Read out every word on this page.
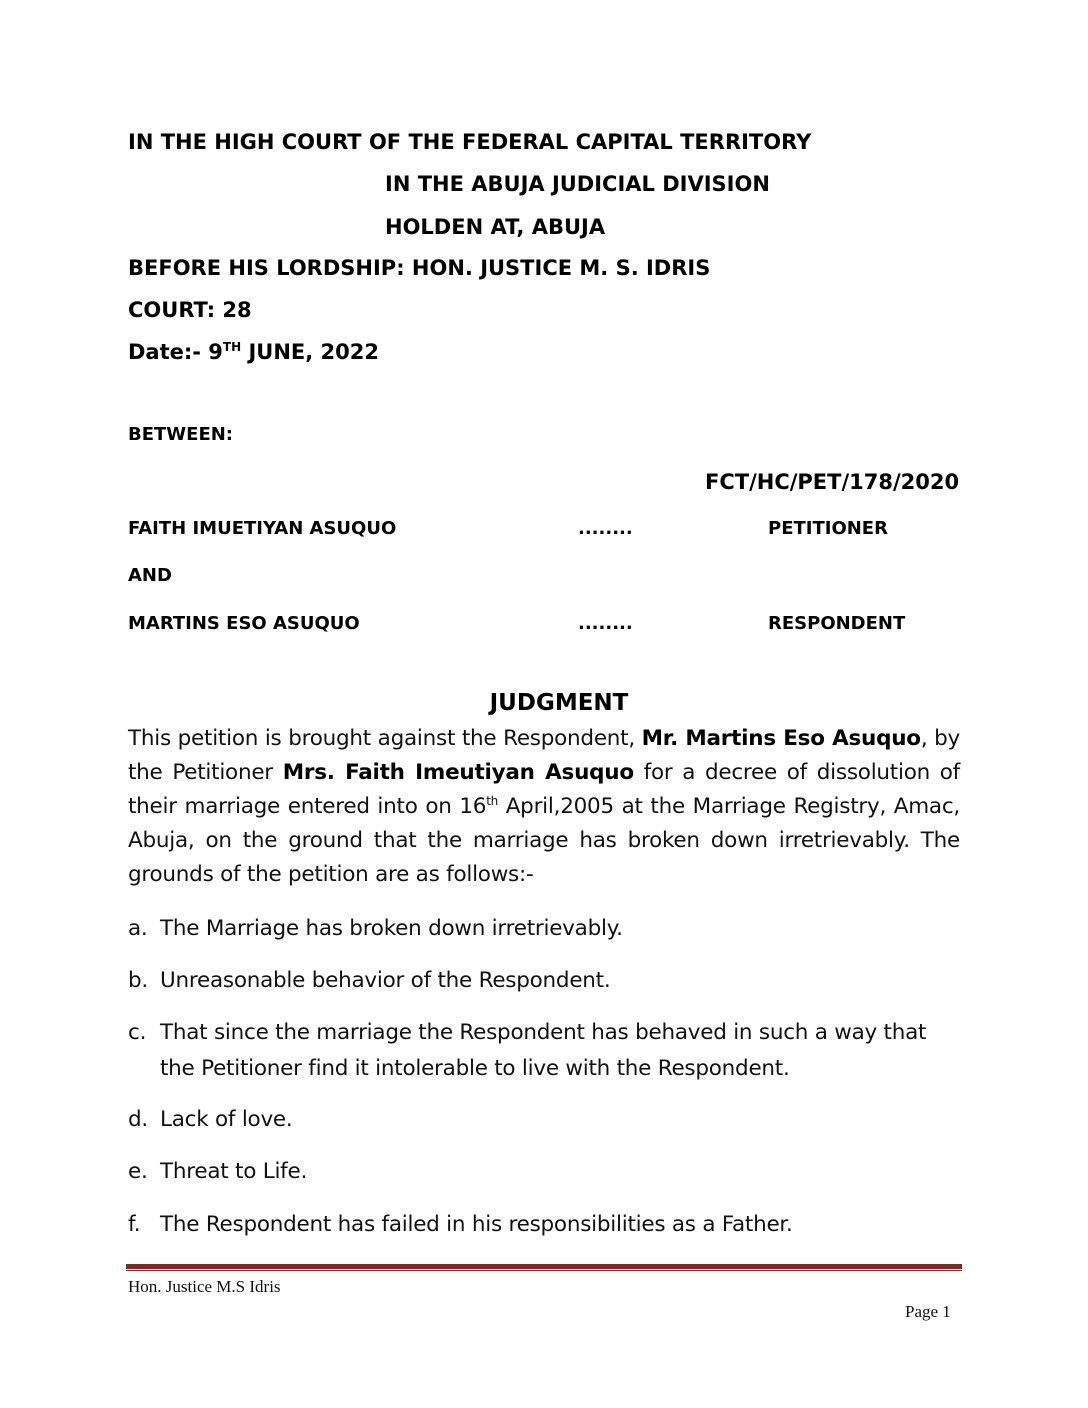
IN THE HIGH COURT OF THE FEDERAL CAPITAL TERRITORY
IN THE ABUJA JUDICIAL DIVISION
HOLDEN AT, ABUJA
BEFORE HIS LORDSHIP: HON. JUSTICE M. S. IDRIS
COURT: 28
Date:- 9TH JUNE, 2022
BETWEEN:
FCT/HC/PET/178/2020
FAITH IMUETIYAN ASUQUO	........	PETITIONER
AND
MARTINS ESO ASUQUO	........	RESPONDENT
JUDGMENT
This petition is brought against the Respondent, Mr. Martins Eso Asuquo, by the Petitioner Mrs. Faith Imeutiyan Asuquo for a decree of dissolution of their marriage entered into on 16th April,2005 at the Marriage Registry, Amac, Abuja, on the ground that the marriage has broken down irretrievably. The grounds of the petition are as follows:-
a. The Marriage has broken down irretrievably.
b. Unreasonable behavior of the Respondent.
c. That since the marriage the Respondent has behaved in such a way that the Petitioner find it intolerable to live with the Respondent.
d. Lack of love.
e. Threat to Life.
f. The Respondent has failed in his responsibilities as a Father.
Hon. Justice M.S Idris
Page 1
